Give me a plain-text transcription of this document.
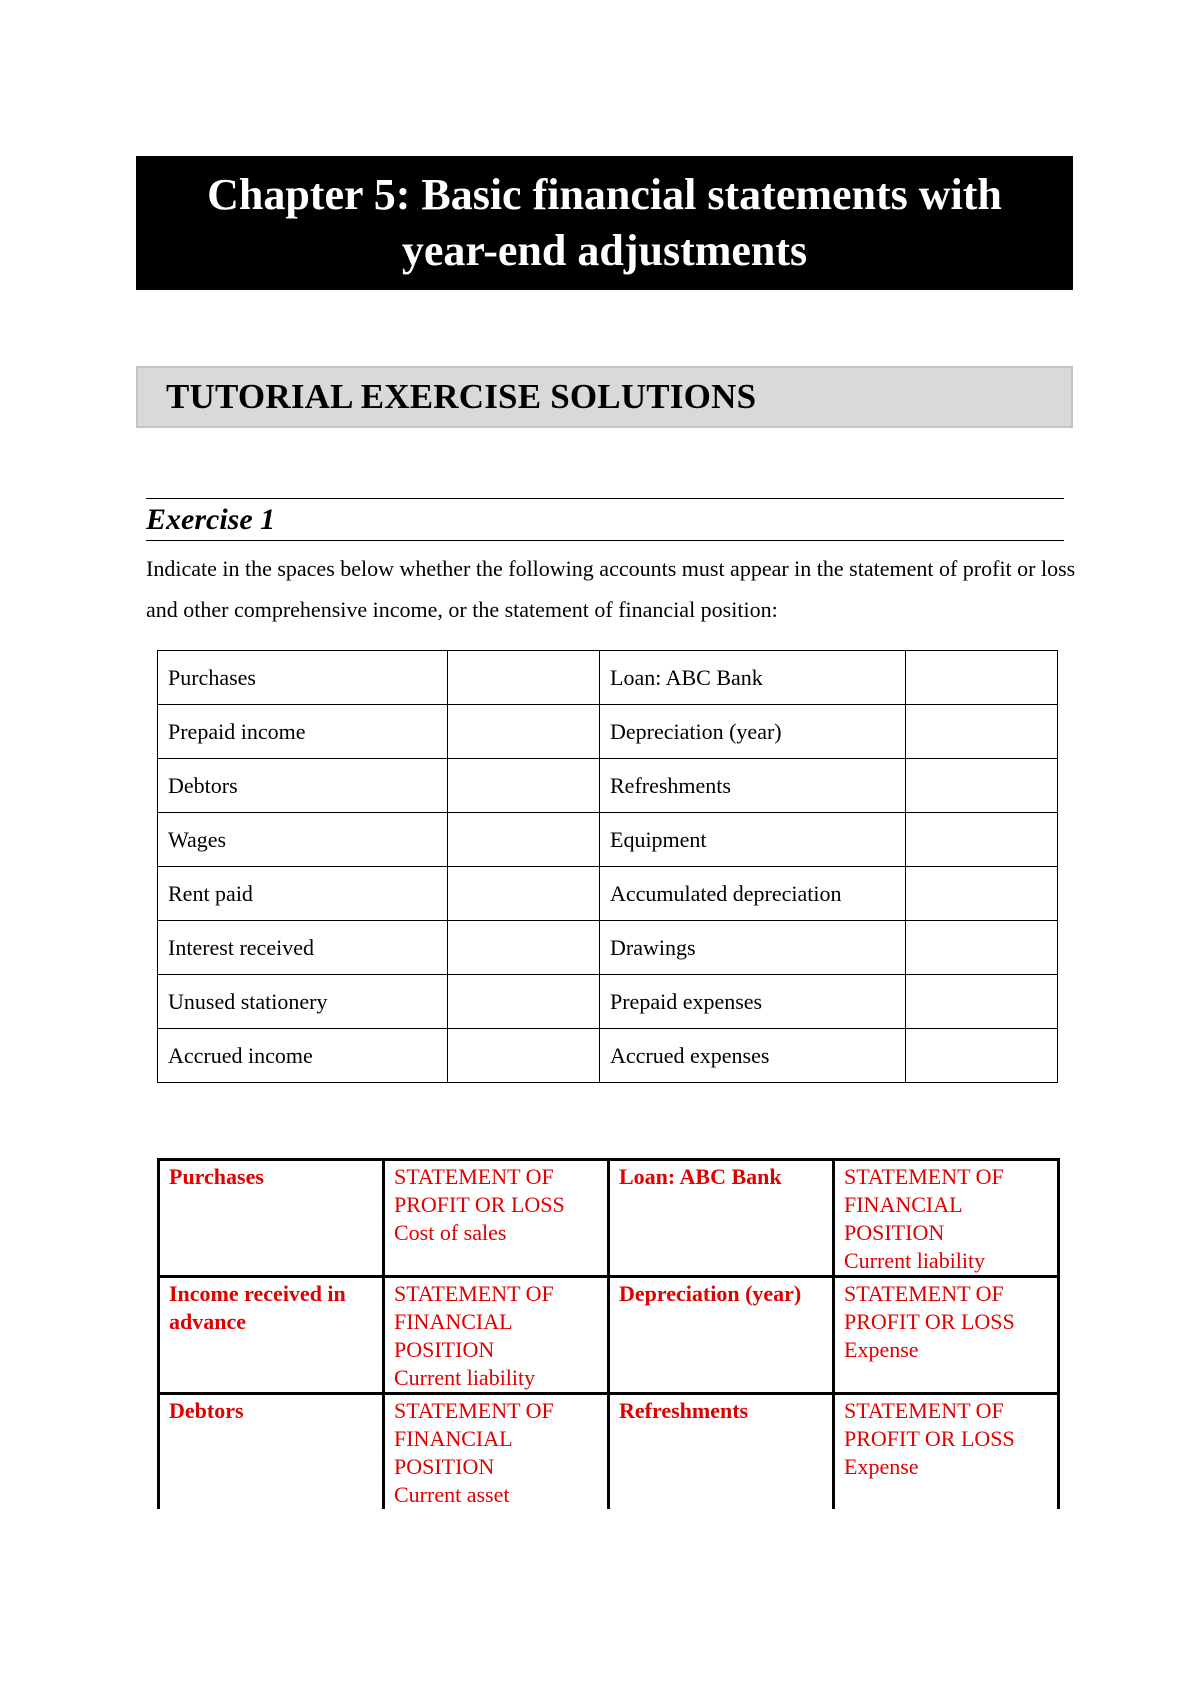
Chapter 5: Basic financial statements with year-end adjustments
TUTORIAL EXERCISE SOLUTIONS
Exercise 1
Indicate in the spaces below whether the following accounts must appear in the statement of profit or loss and other comprehensive income, or the statement of financial position:
Purchases		Loan: ABC Bank	
Prepaid income		Depreciation (year)	
Debtors		Refreshments	
Wages		Equipment	
Rent paid		Accumulated depreciation	
Interest received		Drawings	
Unused stationery		Prepaid expenses	
Accrued income		Accrued expenses	
Purchases	STATEMENT OF
PROFIT OR LOSS
Cost of sales	Loan: ABC Bank	STATEMENT OF
FINANCIAL
POSITION
Current liability

Income received in advance	STATEMENT OF
FINANCIAL
POSITION
Current liability	Depreciation (year)	STATEMENT OF
PROFIT OR LOSS
Expense

Debtors	STATEMENT OF
FINANCIAL
POSITION
Current asset	Refreshments	STATEMENT OF
PROFIT OR LOSS
Expense
